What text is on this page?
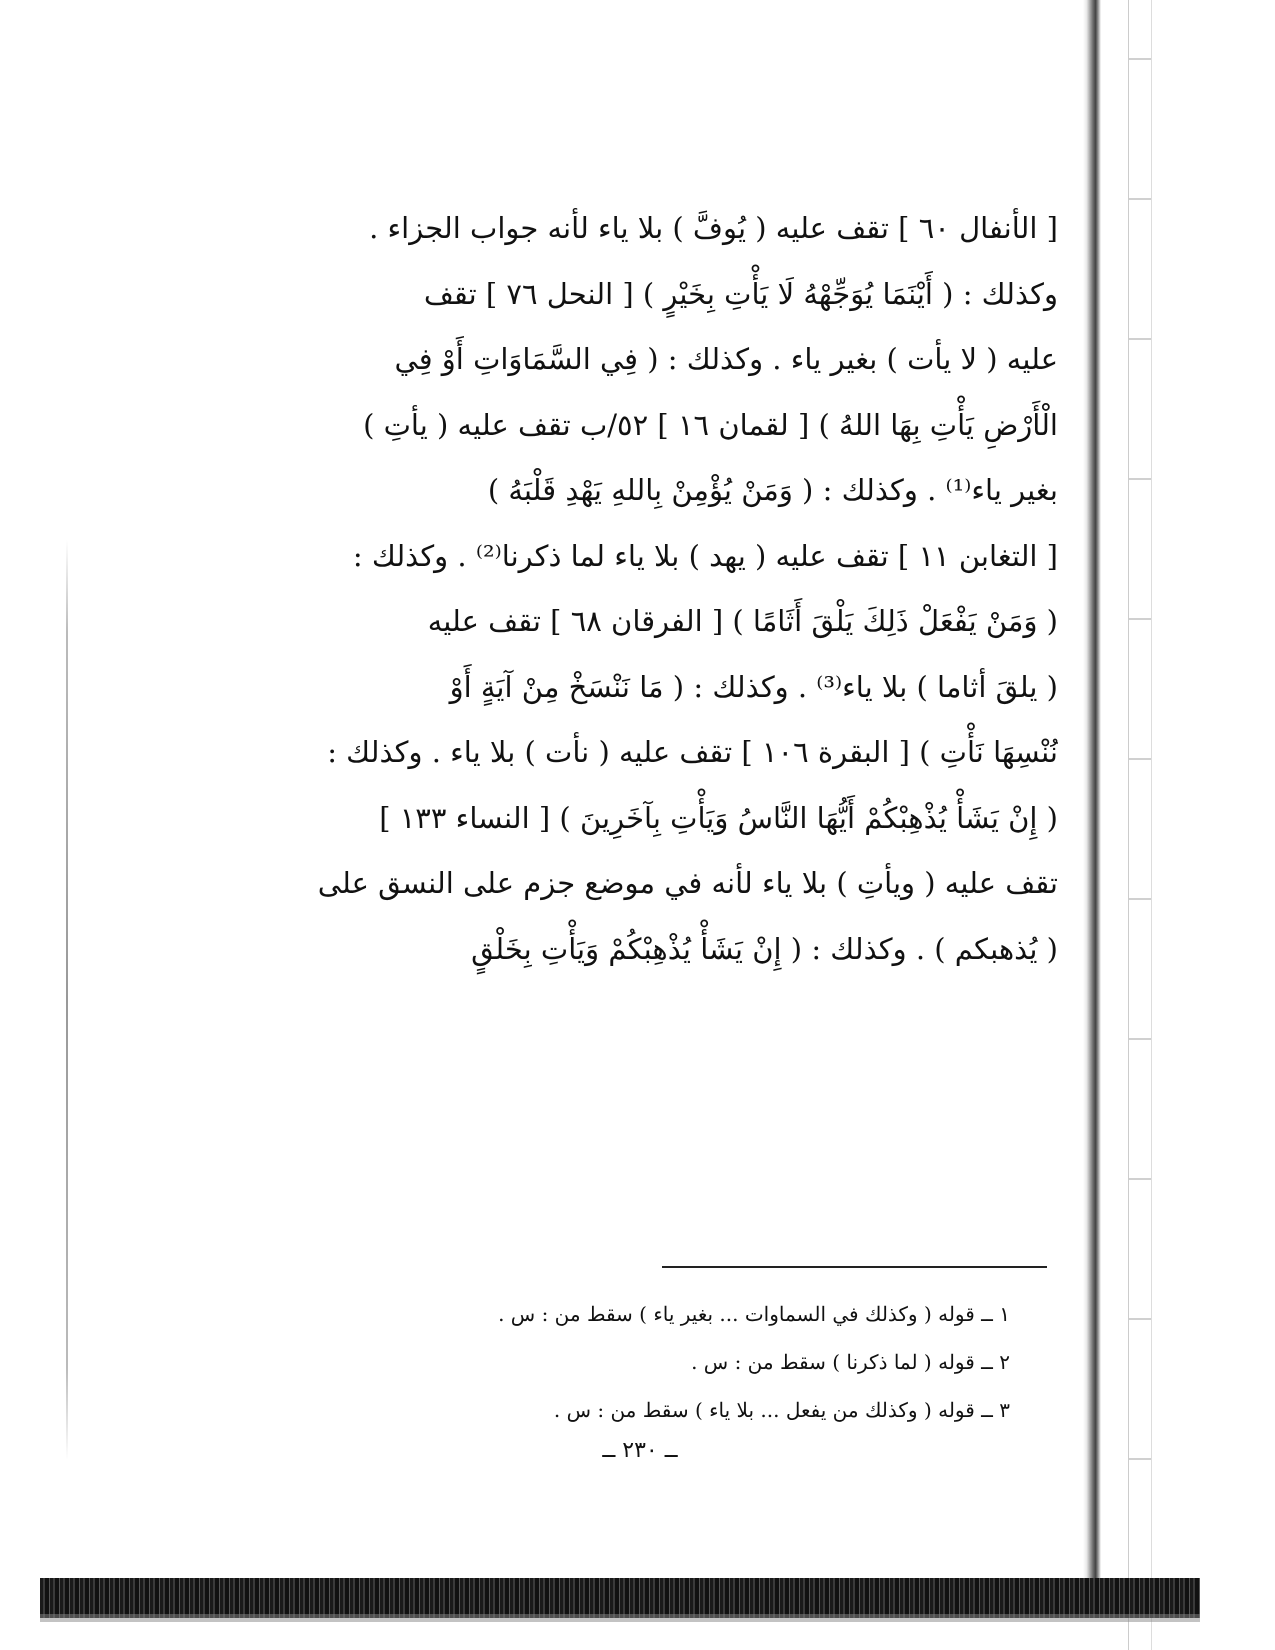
[ الأنفال ٦٠ ] تقف عليه ( يُوفَّ ) بلا ياء لأنه جواب الجزاء .
وكذلك : ( أَيْنَمَا يُوَجِّهْهُ لَا يَأْتِ بِخَيْرٍ ) [ النحل ٧٦ ] تقف
عليه ( لا يأت ) بغير ياء . وكذلك : ( فِي السَّمَاوَاتِ أَوْ فِي
الْأَرْضِ يَأْتِ بِهَا اللهُ ) [ لقمان ١٦ ] ٥٢/ب تقف عليه ( يأتِ )
بغير ياء⁽¹⁾ . وكذلك : ( وَمَنْ يُؤْمِنْ بِاللهِ يَهْدِ قَلْبَهُ )
[ التغابن ١١ ] تقف عليه ( يهد ) بلا ياء لما ذكرنا⁽²⁾ . وكذلك :
( وَمَنْ يَفْعَلْ ذَلِكَ يَلْقَ أَثَامًا ) [ الفرقان ٦٨ ] تقف عليه
( يلقَ أثاما ) بلا ياء⁽³⁾ . وكذلك : ( مَا نَنْسَخْ مِنْ آيَةٍ أَوْ
نُنْسِهَا نَأْتِ ) [ البقرة ١٠٦ ] تقف عليه ( نأت ) بلا ياء . وكذلك :
( إِنْ يَشَأْ يُذْهِبْكُمْ أَيُّهَا النَّاسُ وَيَأْتِ بِآخَرِينَ ) [ النساء ١٣٣ ]
تقف عليه ( ويأتِ ) بلا ياء لأنه في موضع جزم على النسق على
( يُذهبكم ) . وكذلك : ( إِنْ يَشَأْ يُذْهِبْكُمْ وَيَأْتِ بِخَلْقٍ
١ ــ قوله ( وكذلك في السماوات ... بغير ياء ) سقط من : س .
٢ ــ قوله ( لما ذكرنا ) سقط من : س .
٣ ــ قوله ( وكذلك من يفعل ... بلا ياء ) سقط من : س .
ــ ٢٣٠ ــ
